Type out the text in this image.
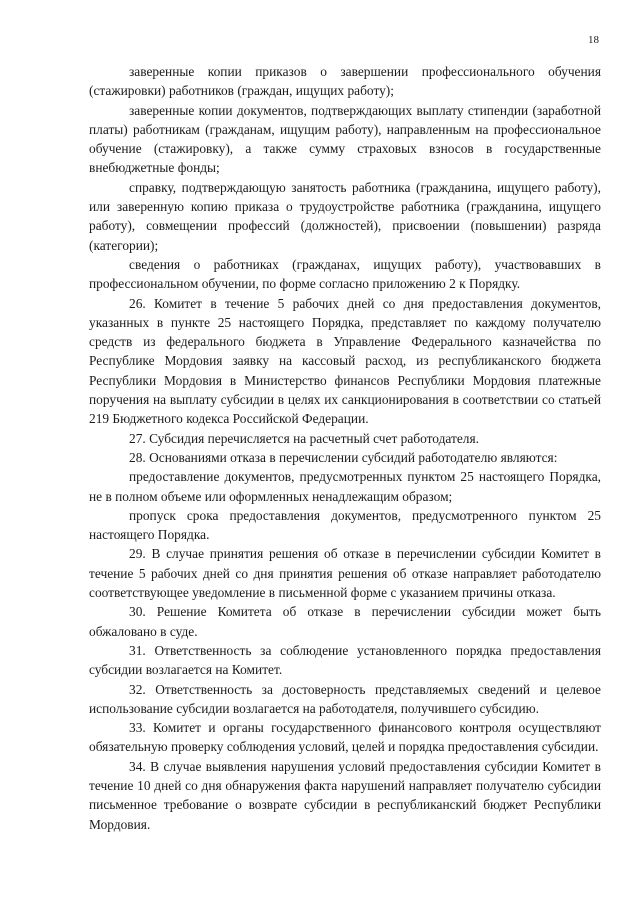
18

заверенные копии приказов о завершении профессионального обучения (стажировки) работников (граждан, ищущих работу);

заверенные копии документов, подтверждающих выплату стипендии (заработной платы) работникам (гражданам, ищущим работу), направленным на профессиональное обучение (стажировку), а также сумму страховых взносов в государственные внебюджетные фонды;

справку, подтверждающую занятость работника (гражданина, ищущего работу), или заверенную копию приказа о трудоустройстве работника (гражданина, ищущего работу), совмещении профессий (должностей), присвоении (повышении) разряда (категории);

сведения о работниках (гражданах, ищущих работу), участвовавших в профессиональном обучении, по форме согласно приложению 2 к Порядку.

26. Комитет в течение 5 рабочих дней со дня предоставления документов, указанных в пункте 25 настоящего Порядка, представляет по каждому получателю средств из федерального бюджета в Управление Федерального казначейства по Республике Мордовия заявку на кассовый расход, из республиканского бюджета Республики Мордовия в Министерство финансов Республики Мордовия платежные поручения на выплату субсидии в целях их санкционирования в соответствии со статьей 219 Бюджетного кодекса Российской Федерации.

27. Субсидия перечисляется на расчетный счет работодателя.

28. Основаниями отказа в перечислении субсидий работодателю являются:

предоставление документов, предусмотренных пунктом 25 настоящего Порядка, не в полном объеме или оформленных ненадлежащим образом;

пропуск срока предоставления документов, предусмотренного пунктом 25 настоящего Порядка.

29. В случае принятия решения об отказе в перечислении субсидии Комитет в течение 5 рабочих дней со дня принятия решения об отказе направляет работодателю соответствующее уведомление в письменной форме с указанием причины отказа.

30. Решение Комитета об отказе в перечислении субсидии может быть обжаловано в суде.

31. Ответственность за соблюдение установленного порядка предоставления субсидии возлагается на Комитет.

32. Ответственность за достоверность представляемых сведений и целевое использование субсидии возлагается на работодателя, получившего субсидию.

33. Комитет и органы государственного финансового контроля осуществляют обязательную проверку соблюдения условий, целей и порядка предоставления субсидии.

34. В случае выявления нарушения условий предоставления субсидии Комитет в течение 10 дней со дня обнаружения факта нарушений направляет получателю субсидии письменное требование о возврате субсидии в республиканский бюджет Республики Мордовия.
